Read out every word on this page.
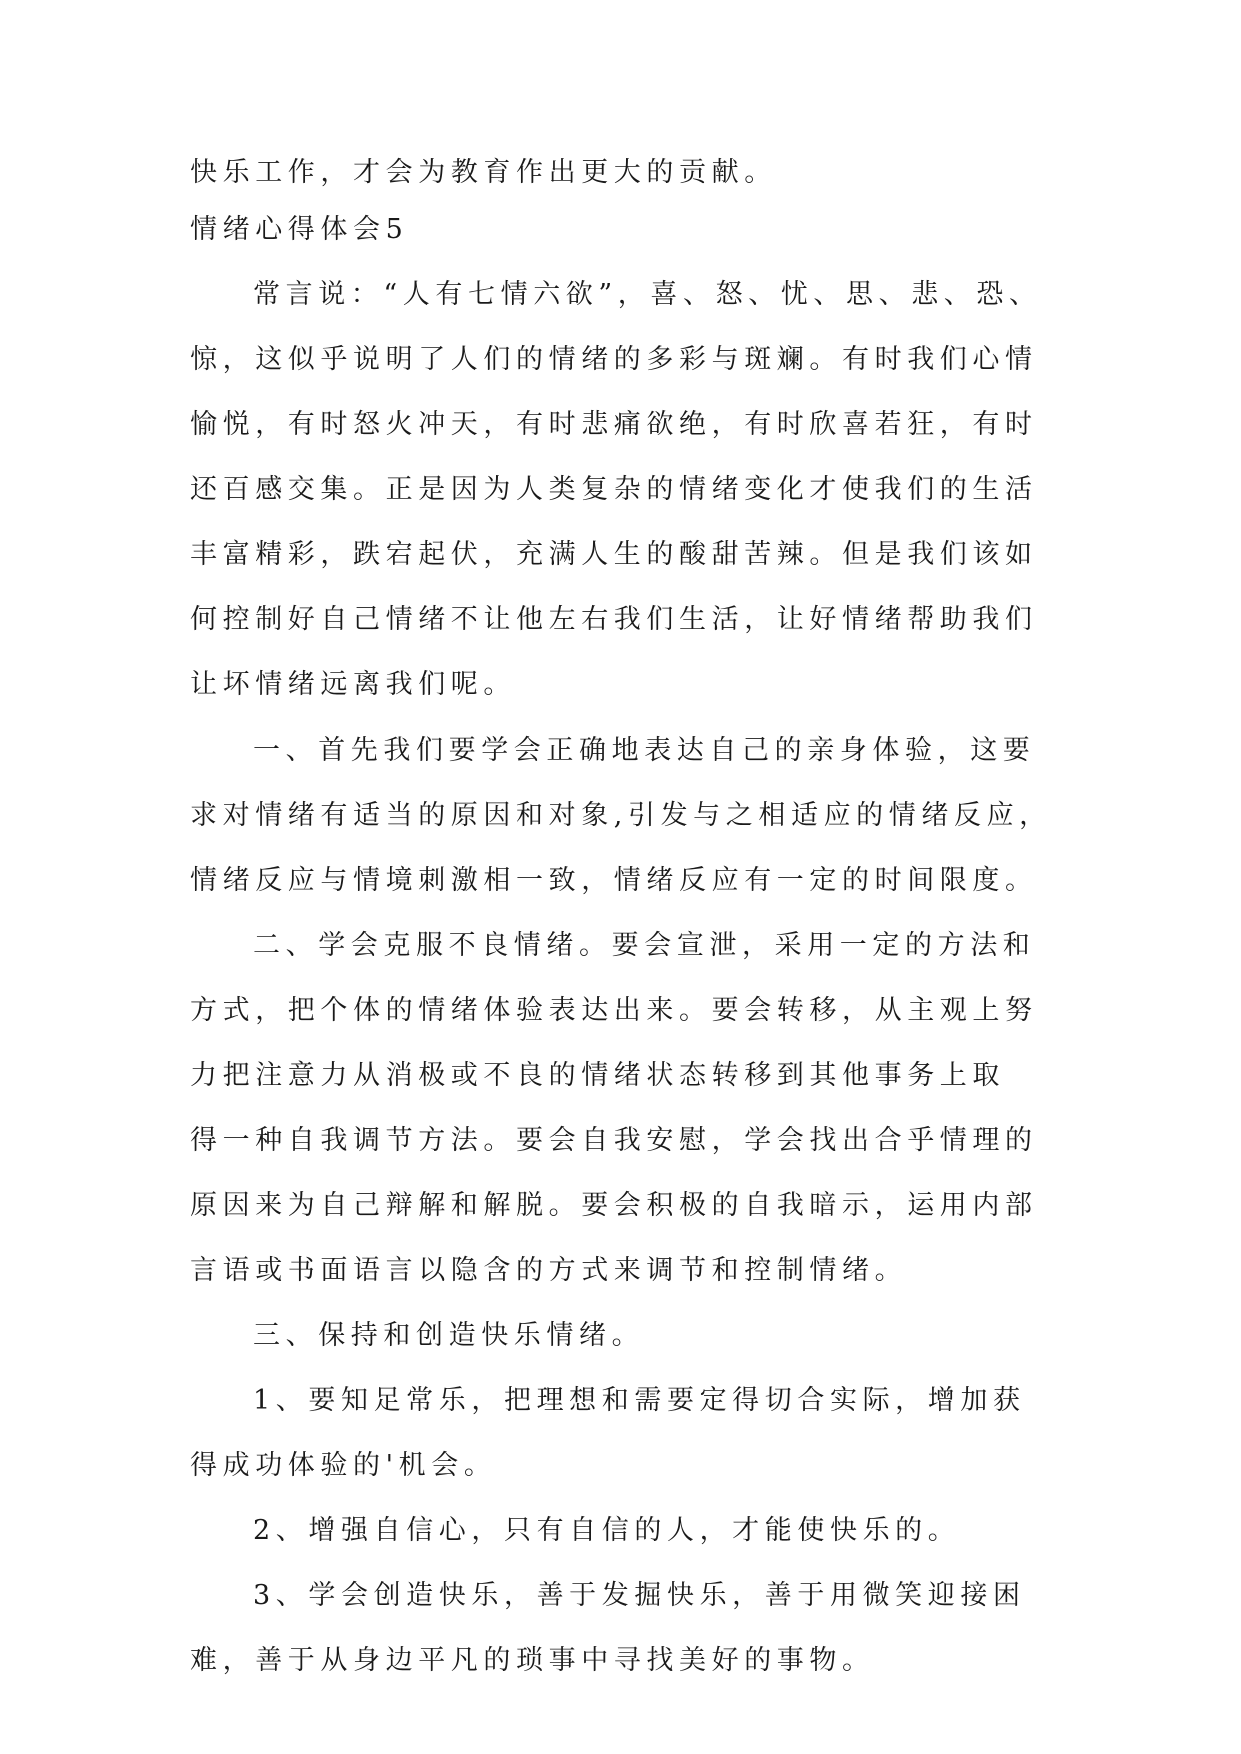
快乐工作，才会为教育作出更大的贡献。
情绪心得体会5
常言说：“人有七情六欲”，喜、怒、忧、思、悲、恐、
惊，这似乎说明了人们的情绪的多彩与斑斓。有时我们心情
愉悦，有时怒火冲天，有时悲痛欲绝，有时欣喜若狂，有时
还百感交集。正是因为人类复杂的情绪变化才使我们的生活
丰富精彩，跌宕起伏，充满人生的酸甜苦辣。但是我们该如
何控制好自己情绪不让他左右我们生活，让好情绪帮助我们
让坏情绪远离我们呢。
一、首先我们要学会正确地表达自己的亲身体验，这要
求对情绪有适当的原因和对象,引发与之相适应的情绪反应，
情绪反应与情境刺激相一致，情绪反应有一定的时间限度。
二、学会克服不良情绪。要会宣泄，采用一定的方法和
方式，把个体的情绪体验表达出来。要会转移，从主观上努
力把注意力从消极或不良的情绪状态转移到其他事务上取
得一种自我调节方法。要会自我安慰，学会找出合乎情理的
原因来为自己辩解和解脱。要会积极的自我暗示，运用内部
言语或书面语言以隐含的方式来调节和控制情绪。
三、保持和创造快乐情绪。
1、要知足常乐，把理想和需要定得切合实际，增加获
得成功体验的'机会。
2、增强自信心，只有自信的人，才能使快乐的。
3、学会创造快乐，善于发掘快乐，善于用微笑迎接困
难，善于从身边平凡的琐事中寻找美好的事物。
